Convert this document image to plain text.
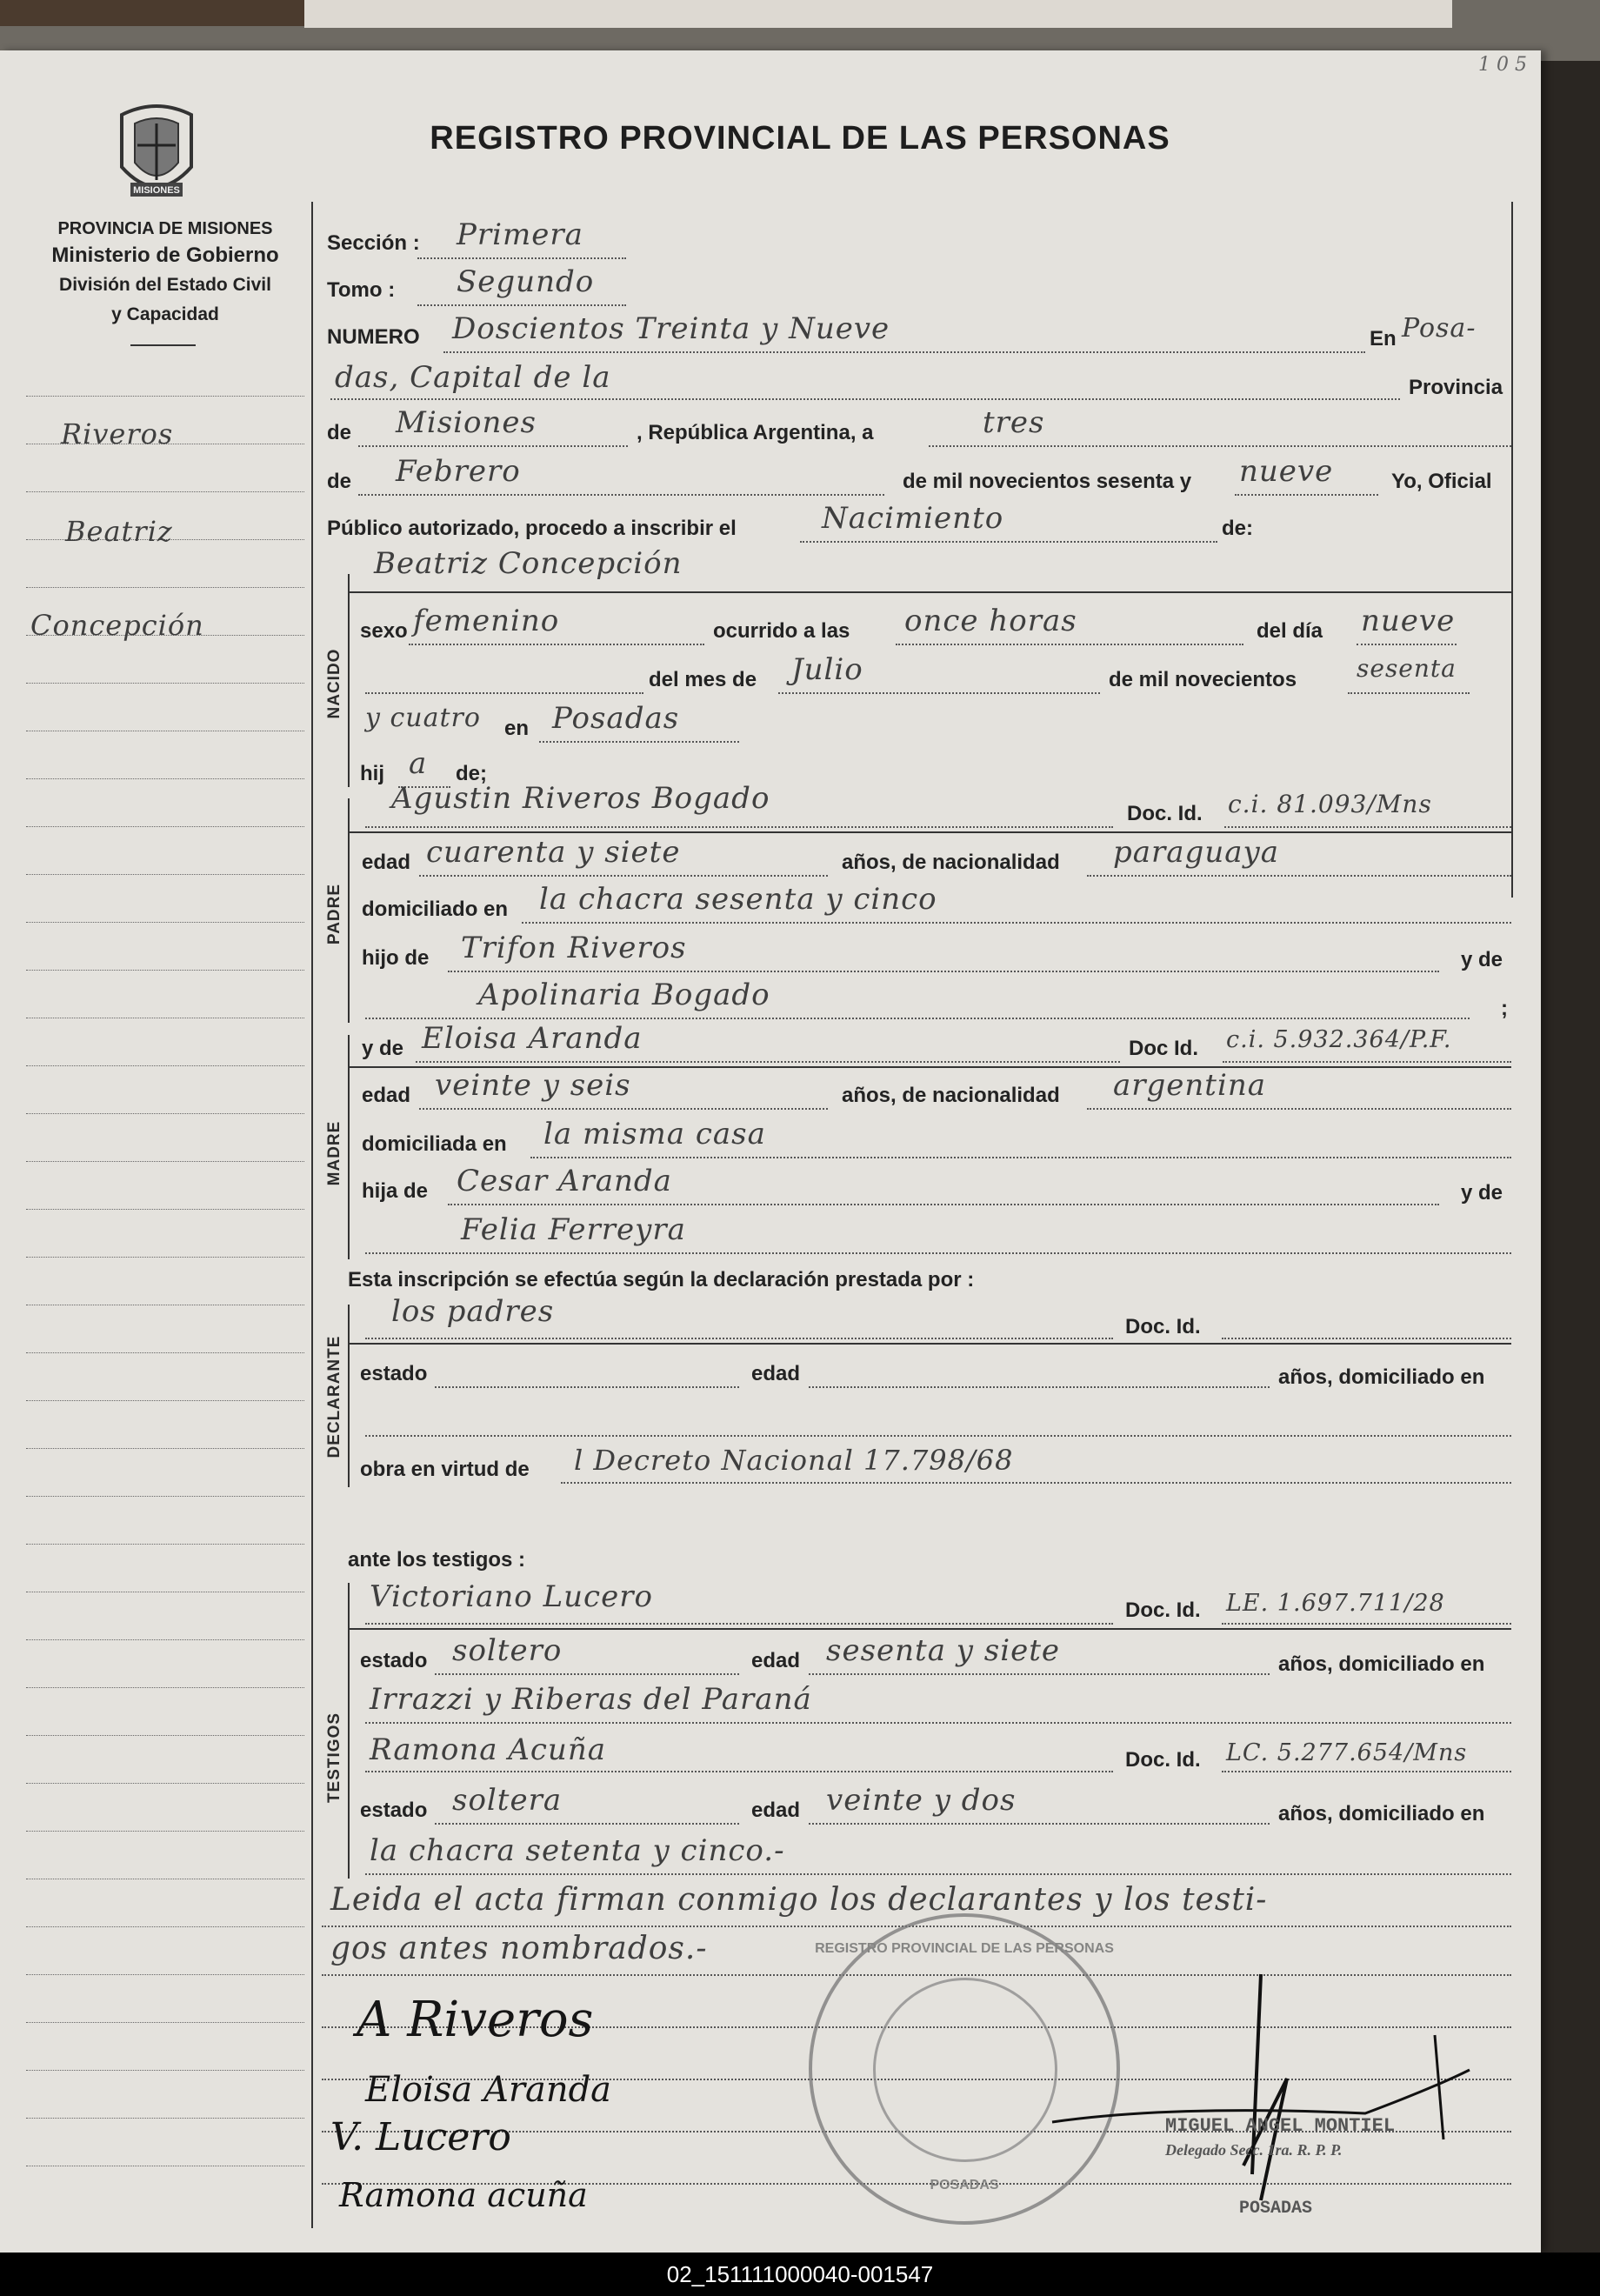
1 0 5
MISIONES
PROVINCIA DE MISIONES
Ministerio de Gobierno
División del Estado Civil
y Capacidad
REGISTRO PROVINCIAL DE LAS PERSONAS
Riveros
Beatriz
Concepción
Sección : Primera
Tomo : Segundo
NUMERO Doscientos Treinta y Nueve	En Posa-
das, Capital de la	Provincia
de Misiones	, República Argentina, a	tres
de Febrero	de mil novecientos sesenta y nueve	Yo, Oficial
Público autorizado, procedo a inscribir el	Nacimiento	de:
NACIDO
Beatriz Concepción
sexo femenino	ocurrido a las once horas	del día nueve
del mes de Julio	de mil novecientos sesenta
y cuatro en Posadas
hij a de;
PADRE
Agustin Riveros Bogado	Doc. Id. c.i. 81.093/Mns
edad cuarenta y siete	años, de nacionalidad paraguaya
domiciliado en la chacra sesenta y cinco
hijo de Trifon Riveros	y de
Apolinaria Bogado	;
MADRE
y de Eloisa Aranda	Doc Id. c.i. 5.932.364/P.F.
edad veinte y seis	años, de nacionalidad argentina
domiciliada en la misma casa
hija de Cesar Aranda	y de
Felia Ferreyra
Esta inscripción se efectúa según la declaración prestada por :
DECLARANTE
los padres	Doc. Id.
estado	edad	años, domiciliado en
obra en virtud de l Decreto Nacional 17.798/68
ante los testigos :
TESTIGOS
Victoriano Lucero	Doc. Id. LE. 1.697.711/28
estado soltero	edad sesenta y siete	años, domiciliado en
Irrazzi y Riberas del Paraná
Ramona Acuña	Doc. Id. LC. 5.277.654/Mns
estado soltera	edad veinte y dos	años, domiciliado en
la chacra setenta y cinco.-
Leida el acta firman conmigo los declarantes y los testi-
gos antes nombrados.-	REGISTRO PROVINCIAL DE LAS PERSONAS
POSADAS
A Riveros
Eloisa Aranda
V. Lucero
Ramona acuña
MIGUEL ANGEL MONTIEL
Delegado Secc. 1ra. R. P. P.
POSADAS
02_151111000040-001547
